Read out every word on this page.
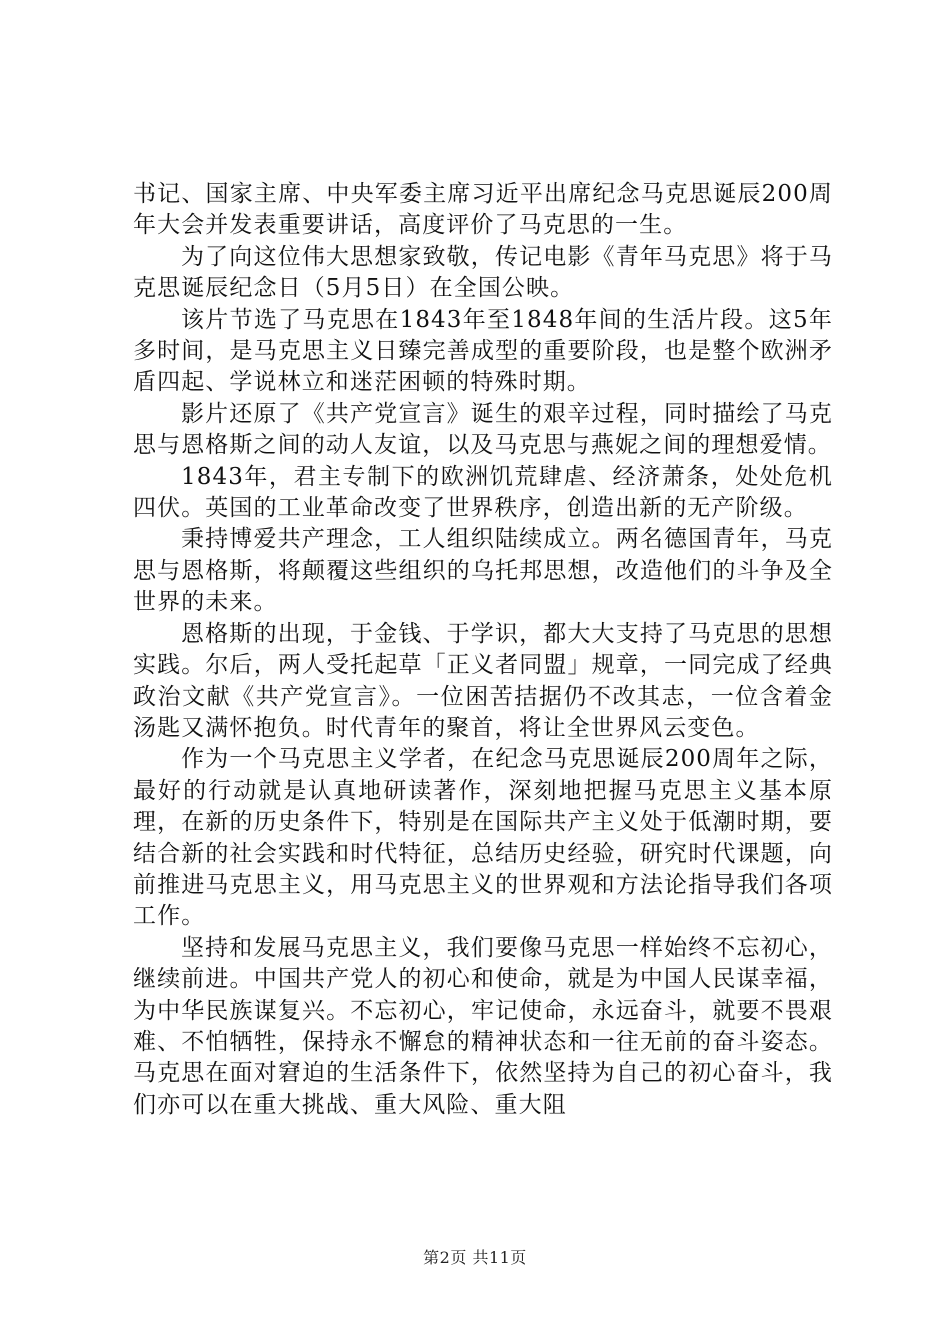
书记、国家主席、中央军委主席习近平出席纪念马克思诞辰200周年大会并发表重要讲话，高度评价了马克思的一生。

为了向这位伟大思想家致敬，传记电影《青年马克思》将于马克思诞辰纪念日（5月5日）在全国公映。

该片节选了马克思在1843年至1848年间的生活片段。这5年多时间，是马克思主义日臻完善成型的重要阶段，也是整个欧洲矛盾四起、学说林立和迷茫困顿的特殊时期。

影片还原了《共产党宣言》诞生的艰辛过程，同时描绘了马克思与恩格斯之间的动人友谊，以及马克思与燕妮之间的理想爱情。

1843年，君主专制下的欧洲饥荒肆虐、经济萧条，处处危机四伏。英国的工业革命改变了世界秩序，创造出新的无产阶级。

秉持博爱共产理念，工人组织陆续成立。两名德国青年，马克思与恩格斯，将颠覆这些组织的乌托邦思想，改造他们的斗争及全世界的未来。

恩格斯的出现，于金钱、于学识，都大大支持了马克思的思想实践。尔后，两人受托起草「正义者同盟」规章，一同完成了经典政治文献《共产党宣言》。一位困苦拮据仍不改其志，一位含着金汤匙又满怀抱负。时代青年的聚首，将让全世界风云变色。

作为一个马克思主义学者，在纪念马克思诞辰200周年之际，最好的行动就是认真地研读著作，深刻地把握马克思主义基本原理，在新的历史条件下，特别是在国际共产主义处于低潮时期，要结合新的社会实践和时代特征，总结历史经验，研究时代课题，向前推进马克思主义，用马克思主义的世界观和方法论指导我们各项工作。

坚持和发展马克思主义，我们要像马克思一样始终不忘初心，继续前进。中国共产党人的初心和使命，就是为中国人民谋幸福，为中华民族谋复兴。不忘初心，牢记使命，永远奋斗，就要不畏艰难、不怕牺牲，保持永不懈怠的精神状态和一往无前的奋斗姿态。马克思在面对窘迫的生活条件下，依然坚持为自己的初心奋斗，我们亦可以在重大挑战、重大风险、重大阻

第2页 共11页
